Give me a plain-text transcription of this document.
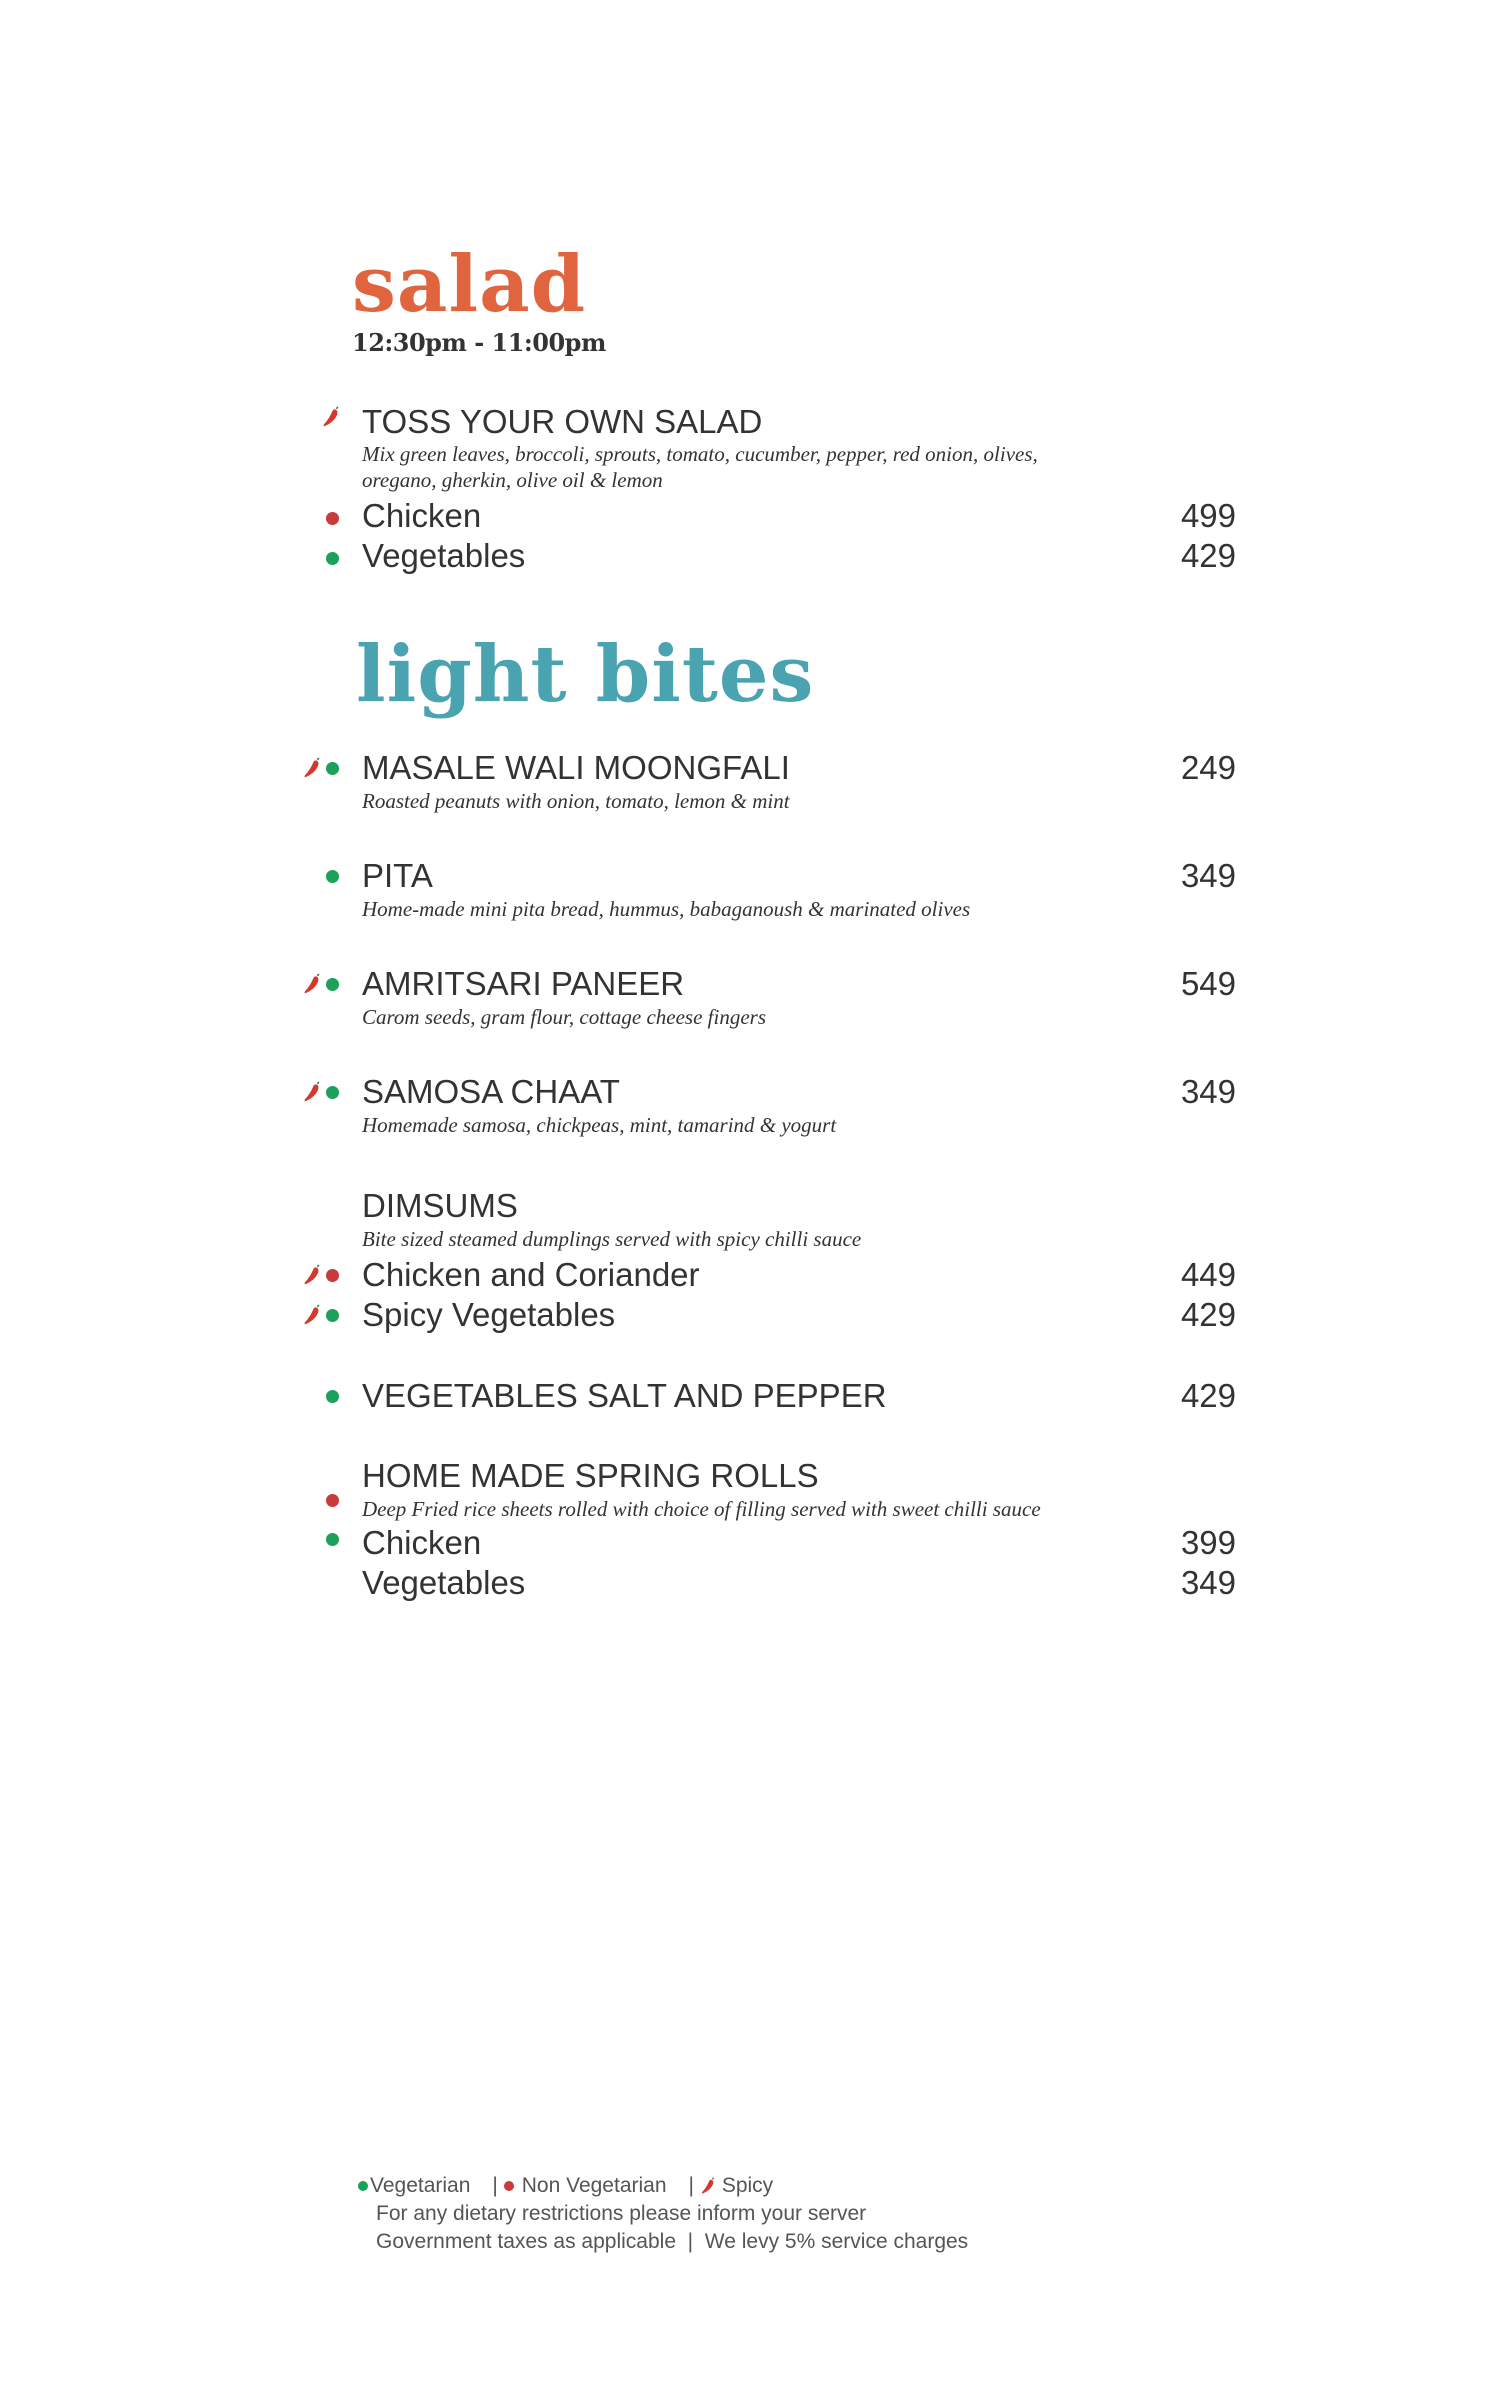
salad
12:30pm - 11:00pm
TOSS YOUR OWN SALAD
Mix green leaves, broccoli, sprouts, tomato, cucumber, pepper, red onion, olives,
oregano, gherkin, olive oil & lemon
Chicken	499
Vegetables	429
light bites
MASALE WALI MOONGFALI	249
Roasted peanuts with onion, tomato, lemon & mint
PITA	349
Home-made mini pita bread, hummus, babaganoush & marinated olives
AMRITSARI PANEER	549
Carom seeds, gram flour, cottage cheese fingers
SAMOSA CHAAT	349
Homemade samosa, chickpeas, mint, tamarind & yogurt
DIMSUMS
Bite sized steamed dumplings served with spicy chilli sauce
Chicken and Coriander	449
Spicy Vegetables	429
VEGETABLES SALT AND PEPPER	429
HOME MADE SPRING ROLLS
Deep Fried rice sheets rolled with choice of filling served with sweet chilli sauce
Chicken	399
Vegetables	349
Vegetarian | Non Vegetarian | Spicy
For any dietary restrictions please inform your server
Government taxes as applicable  |  We levy 5% service charges
